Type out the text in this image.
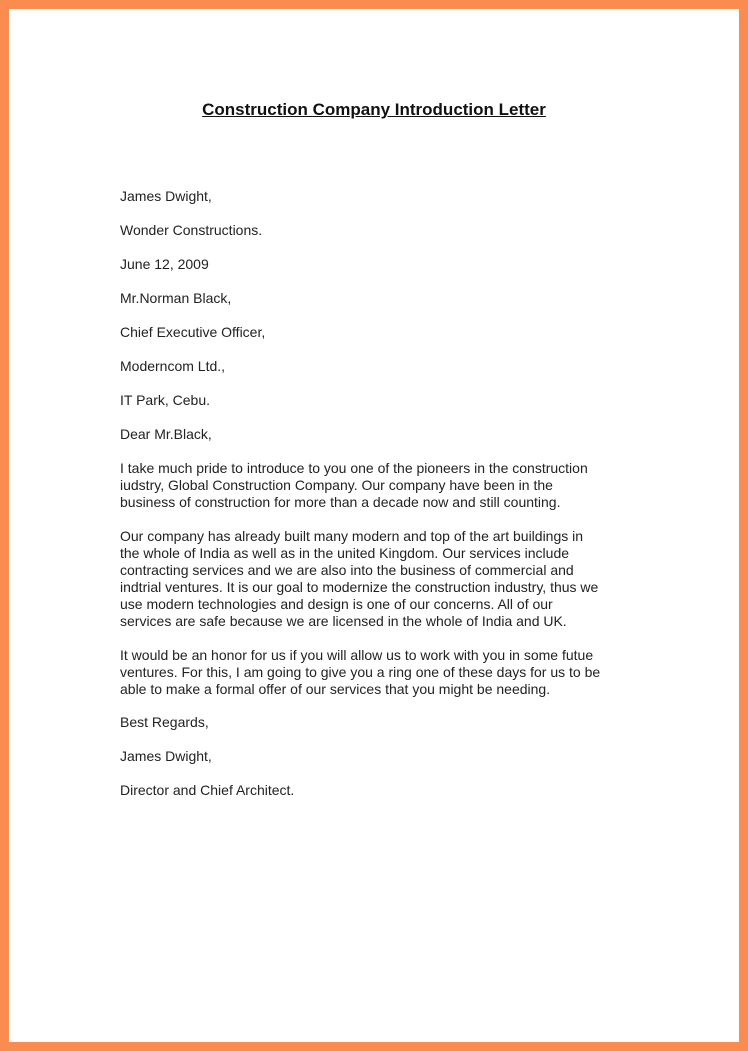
Construction Company Introduction Letter

James Dwight,

Wonder Constructions.

June 12, 2009

Mr.Norman Black,

Chief Executive Officer,

Moderncom Ltd.,

IT Park, Cebu.

Dear Mr.Black,

I take much pride to introduce to you one of the pioneers in the construction
iudstry, Global Construction Company. Our company have been in the
business of construction for more than a decade now and still counting.
Our company has already built many modern and top of the art buildings in
the whole of India as well as in the united Kingdom. Our services include
contracting services and we are also into the business of commercial and
indtrial ventures. It is our goal to modernize the construction industry, thus we
use modern technologies and design is one of our concerns. All of our
services are safe because we are licensed in the whole of India and UK.
It would be an honor for us if you will allow us to work with you in some futue
ventures. For this, I am going to give you a ring one of these days for us to be
able to make a formal offer of our services that you might be needing.

Best Regards,

James Dwight,

Director and Chief Architect.
